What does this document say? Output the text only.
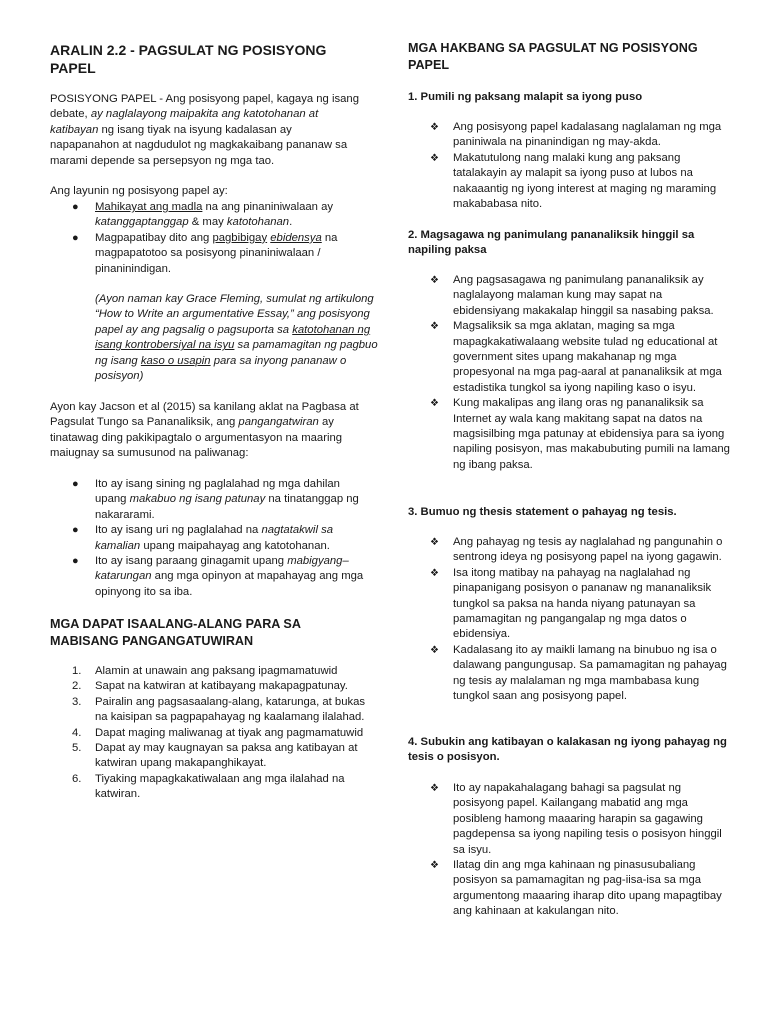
ARALIN 2.2 - PAGSULAT NG POSISYONG PAPEL

POSISYONG PAPEL - Ang posisyong papel, kagaya ng isang debate, ay naglalayong maipakita ang katotohanan at katibayan ng isang tiyak na isyung kadalasan ay napapanahon at nagdudulot ng magkakaibang pananaw sa marami depende sa persepsyon ng mga tao.

Ang layunin ng posisyong papel ay:

● Mahikayat ang madla na ang pinaniniwalaan ay katanggaptanggap & may katotohanan.
● Magpapatibay dito ang pagbibigay ebidensya na magpapatotoo sa posisyong pinaniniwalaan / pinaninindigan.

(Ayon naman kay Grace Fleming, sumulat ng artikulong “How to Write an argumentative Essay,” ang posisyong papel ay ang pagsalig o pagsuporta sa katotohanan ng isang kontrobersiyal na isyu sa pamamagitan ng pagbuo ng isang kaso o usapin para sa inyong pananaw o posisyon)

Ayon kay Jacson et al (2015) sa kanilang aklat na Pagbasa at Pagsulat Tungo sa Pananaliksik, ang pangangatwiran ay tinatawag ding pakikipagtalo o argumentasyon na maaring maiugnay sa sumusunod na paliwanag:

● Ito ay isang sining ng paglalahad ng mga dahilan upang makabuo ng isang patunay na tinatanggap ng nakararami.
● Ito ay isang uri ng paglalahad na nagtatakwil sa kamalian upang maipahayag ang katotohanan.
● Ito ay isang paraang ginagamit upang mabigyang–katarungan ang mga opinyon at mapahayag ang mga opinyong ito sa iba.
MGA DAPAT ISAALANG-ALANG PARA SA MABISANG PANGANGATUWIRAN
1. Alamin at unawain ang paksang ipagmamatuwid
2. Sapat na katwiran at katibayang makapagpatunay.
3. Pairalin ang pagsasaalang-alang, katarunga, at bukas na kaisipan sa pagpapahayag ng kaalamang ilalahad.
4. Dapat maging maliwanag at tiyak ang pagmamatuwid
5. Dapat ay may kaugnayan sa paksa ang katibayan at katwiran upang makapanghikayat.
6. Tiyaking mapagkakatiwalaan ang mga ilalahad na katwiran.
MGA HAKBANG SA PAGSULAT NG POSISYONG PAPEL

1. Pumili ng paksang malapit sa iyong puso

❖ Ang posisyong papel kadalasang naglalaman ng mga paniniwala na pinanindigan ng may-akda.
❖ Makatutulong nang malaki kung ang paksang tatalakayin ay malapit sa iyong puso at lubos na nakaaantig ng iyong interest at maging ng maraming makababasa nito.

2. Magsagawa ng panimulang pananaliksik hinggil sa napiling paksa

❖ Ang pagsasagawa ng panimulang pananaliksik ay naglalayong malaman kung may sapat na ebidensiyang makakalap hinggil sa nasabing paksa.
❖ Magsaliksik sa mga aklatan, maging sa mga mapagkakatiwalaang website tulad ng educational at government sites upang makahanap ng mga propesyonal na mga pag-aaral at pananaliksik at mga estadistika tungkol sa iyong napiling kaso o isyu.
❖ Kung makalipas ang ilang oras ng pananaliksik sa Internet ay wala kang makitang sapat na datos na magsisilbing mga patunay at ebidensiya para sa iyong napiling posisyon, mas makabubuting pumili na lamang ng ibang paksa.

3. Bumuo ng thesis statement o pahayag ng tesis.

❖ Ang pahayag ng tesis ay naglalahad ng pangunahin o sentrong ideya ng posisyong papel na iyong gagawin.
❖ Isa itong matibay na pahayag na naglalahad ng pinapanigang posisyon o pananaw ng mananaliksik tungkol sa paksa na handa niyang patunayan sa pamamagitan ng pangangalap ng mga datos o ebidensiya.
❖ Kadalasang ito ay maikli lamang na binubuo ng isa o dalawang pangungusap. Sa pamamagitan ng pahayag ng tesis ay malalaman ng mga mambabasa kung tungkol saan ang posisyong papel.

4. Subukin ang katibayan o kalakasan ng iyong pahayag ng tesis o posisyon.

❖ Ito ay napakahalagang bahagi sa pagsulat ng posisyong papel. Kailangang mabatid ang mga posibleng hamong maaaring harapin sa gagawing pagdepensa sa iyong napiling tesis o posisyon hinggil sa isyu.
❖ Ilatag din ang mga kahinaan ng pinasusubaliang posisyon sa pamamagitan ng pag-iisa-isa sa mga argumentong maaaring iharap dito upang mapagtibay ang kahinaan at kakulangan nito.
